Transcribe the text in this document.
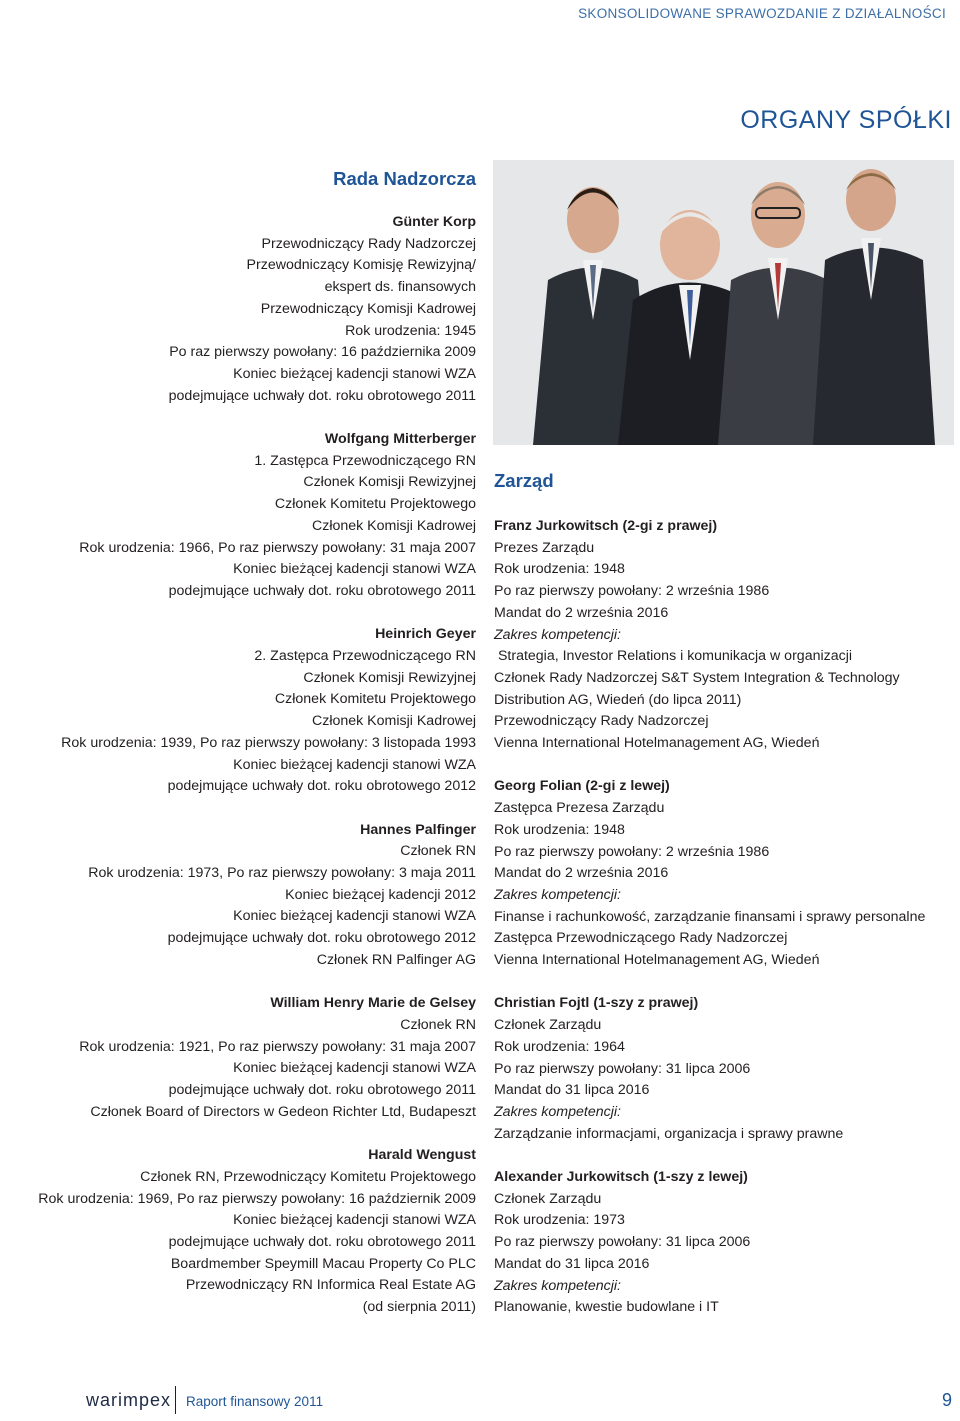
SKONSOLIDOWANE SPRAWOZDANIE Z DZIAŁALNOŚCI
ORGANY SPÓŁKI
Rada Nadzorcza
Günter Korp
Przewodniczący Rady Nadzorczej
Przewodniczący Komisję Rewizyjną/
ekspert ds. finansowych
Przewodniczący Komisji Kadrowej
Rok urodzenia: 1945
Po raz pierwszy powołany: 16 października 2009
Koniec bieżącej kadencji stanowi WZA
podejmujące uchwały dot. roku obrotowego 2011
Wolfgang Mitterberger
1. Zastępca Przewodniczącego RN
Członek Komisji Rewizyjnej
Członek Komitetu Projektowego
Członek Komisji Kadrowej
Rok urodzenia: 1966, Po raz pierwszy powołany: 31 maja 2007
Koniec bieżącej kadencji stanowi WZA
podejmujące uchwały dot. roku obrotowego 2011
Heinrich Geyer
2. Zastępca Przewodniczącego RN
Członek Komisji Rewizyjnej
Członek Komitetu Projektowego
Członek Komisji Kadrowej
Rok urodzenia: 1939, Po raz pierwszy powołany: 3 listopada 1993
Koniec bieżącej kadencji stanowi WZA
podejmujące uchwały dot. roku obrotowego 2012
Hannes Palfinger
Członek RN
Rok urodzenia: 1973, Po raz pierwszy powołany: 3 maja 2011
Koniec bieżącej kadencji 2012
Koniec bieżącej kadencji stanowi WZA
podejmujące uchwały dot. roku obrotowego 2012
Członek RN Palfinger AG
William Henry Marie de Gelsey
Członek RN
Rok urodzenia: 1921, Po raz pierwszy powołany: 31 maja 2007
Koniec bieżącej kadencji stanowi WZA
podejmujące uchwały dot. roku obrotowego 2011
Członek Board of Directors w Gedeon Richter Ltd, Budapeszt
Harald Wengust
Członek RN, Przewodniczący Komitetu Projektowego
Rok urodzenia: 1969, Po raz pierwszy powołany: 16 październik 2009
Koniec bieżącej kadencji stanowi WZA
podejmujące uchwały dot. roku obrotowego 2011
Boardmember Speymill Macau Property Co PLC
Przewodniczący RN Informica Real Estate AG
(od sierpnia 2011)
Zarząd
Franz Jurkowitsch (2-gi z prawej)
Prezes Zarządu
Rok urodzenia: 1948
Po raz pierwszy powołany: 2 września 1986
Mandat do 2 września 2016
Zakres kompetencji:
Strategia, Investor Relations i komunikacja w organizacji
Członek Rady Nadzorczej S&T System Integration & Technology
Distribution AG, Wiedeń (do lipca 2011)
Przewodniczący Rady Nadzorczej
Vienna International Hotelmanagement AG, Wiedeń
Georg Folian (2-gi z lewej)
Zastępca Prezesa Zarządu
Rok urodzenia: 1948
Po raz pierwszy powołany: 2 września 1986
Mandat do 2 września 2016
Zakres kompetencji:
Finanse i rachunkowość, zarządzanie finansami i sprawy personalne
Zastępca Przewodniczącego Rady Nadzorczej
Vienna International Hotelmanagement AG, Wiedeń
Christian Fojtl (1-szy z prawej)
Członek Zarządu
Rok urodzenia: 1964
Po raz pierwszy powołany: 31 lipca 2006
Mandat do 31 lipca 2016
Zakres kompetencji:
Zarządzanie informacjami, organizacja i sprawy prawne
Alexander Jurkowitsch (1-szy z lewej)
Członek Zarządu
Rok urodzenia: 1973
Po raz pierwszy powołany: 31 lipca 2006
Mandat do 31 lipca 2016
Zakres kompetencji:
Planowanie, kwestie budowlane i IT
warimpex Raport finansowy 2011	9
